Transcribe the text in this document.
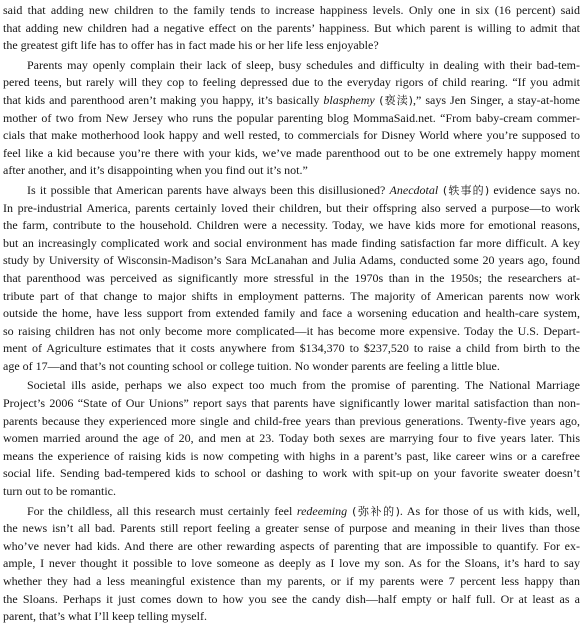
said that adding new children to the family tends to increase happiness levels. Only one in six (16 percent) said
that adding new children had a negative effect on the parents’ happiness. But which parent is willing to admit that
the greatest gift life has to offer has in fact made his or her life less enjoyable?
Parents may openly complain their lack of sleep, busy schedules and difficulty in dealing with their bad-tem-
pered teens, but rarely will they cop to feeling depressed due to the everyday rigors of child rearing. “If you admit
that kids and parenthood aren’t making you happy, it’s basically blasphemy (亵渎),” says Jen Singer, a stay-at-home
mother of two from New Jersey who runs the popular parenting blog MommaSaid.net. “From baby-cream commer-
cials that make motherhood look happy and well rested, to commercials for Disney World where you’re supposed to
feel like a kid because you’re there with your kids, we’ve made parenthood out to be one extremely happy moment
after another, and it’s disappointing when you find out it’s not.”
Is it possible that American parents have always been this disillusioned? Anecdotal (轶事的) evidence says no.
In pre-industrial America, parents certainly loved their children, but their offspring also served a purpose—to work
the farm, contribute to the household. Children were a necessity. Today, we have kids more for emotional reasons,
but an increasingly complicated work and social environment has made finding satisfaction far more difficult. A key
study by University of Wisconsin-Madison’s Sara McLanahan and Julia Adams, conducted some 20 years ago, found
that parenthood was perceived as significantly more stressful in the 1970s than in the 1950s; the researchers at-
tribute part of that change to major shifts in employment patterns. The majority of American parents now work
outside the home, have less support from extended family and face a worsening education and health-care system,
so raising children has not only become more complicated—it has become more expensive. Today the U.S. Depart-
ment of Agriculture estimates that it costs anywhere from $134,370 to $237,520 to raise a child from birth to the
age of 17—and that’s not counting school or college tuition. No wonder parents are feeling a little blue.
Societal ills aside, perhaps we also expect too much from the promise of parenting. The National Marriage
Project’s 2006 “State of Our Unions” report says that parents have significantly lower marital satisfaction than non-
parents because they experienced more single and child-free years than previous generations. Twenty-five years ago,
women married around the age of 20, and men at 23. Today both sexes are marrying four to five years later. This
means the experience of raising kids is now competing with highs in a parent’s past, like career wins or a carefree
social life. Sending bad-tempered kids to school or dashing to work with spit-up on your favorite sweater doesn’t
turn out to be romantic.
For the childless, all this research must certainly feel redeeming (弥补的). As for those of us with kids, well,
the news isn’t all bad. Parents still report feeling a greater sense of purpose and meaning in their lives than those
who’ve never had kids. And there are other rewarding aspects of parenting that are impossible to quantify. For ex-
ample, I never thought it possible to love someone as deeply as I love my son. As for the Sloans, it’s hard to say
whether they had a less meaningful existence than my parents, or if my parents were 7 percent less happy than
the Sloans. Perhaps it just comes down to how you see the candy dish—half empty or half full. Or at least as a
parent, that’s what I’ll keep telling myself.
